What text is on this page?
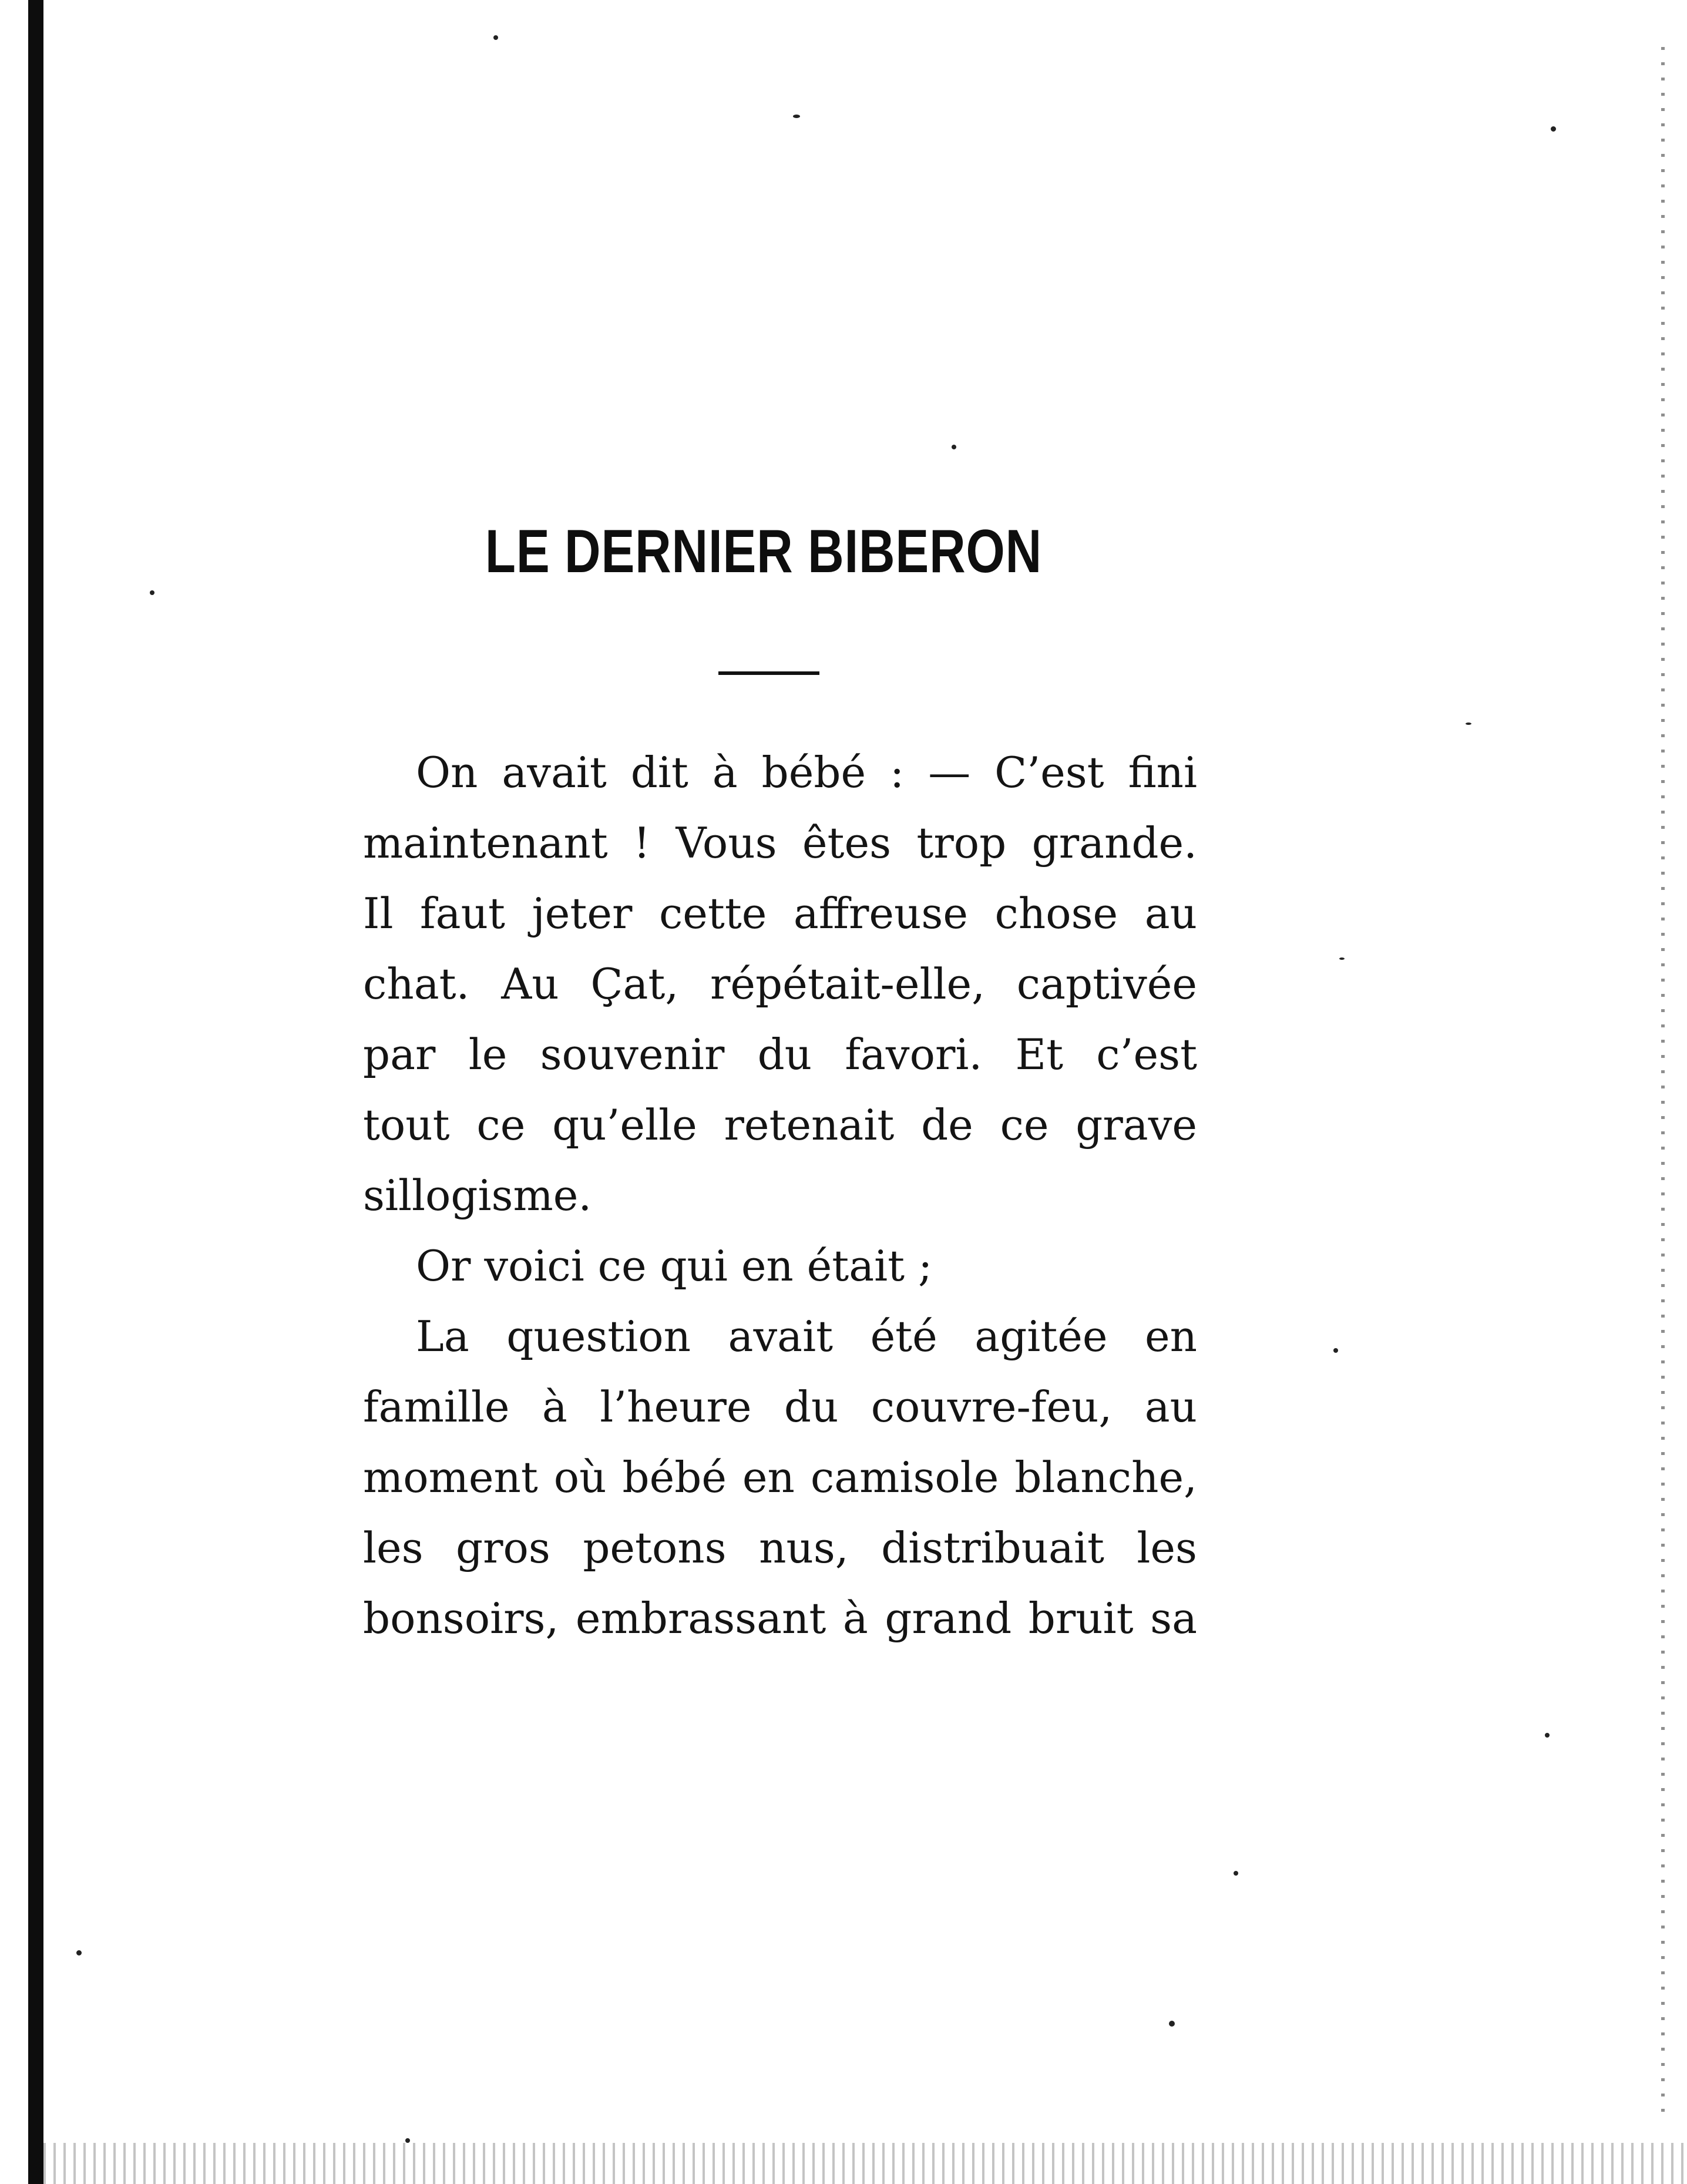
LE DERNIER BIBERON
On avait dit à bébé : — C’est fini
maintenant ! Vous êtes trop grande.
Il faut jeter cette affreuse chose au
chat. Au Çat, répétait-elle, captivée
par le souvenir du favori. Et c’est
tout ce qu’elle retenait de ce grave
sillogisme.
Or voici ce qui en était ;
La question avait été agitée en
famille à l’heure du couvre-feu, au
moment où bébé en camisole blanche,
les gros petons nus, distribuait les
bonsoirs, embrassant à grand bruit sa
